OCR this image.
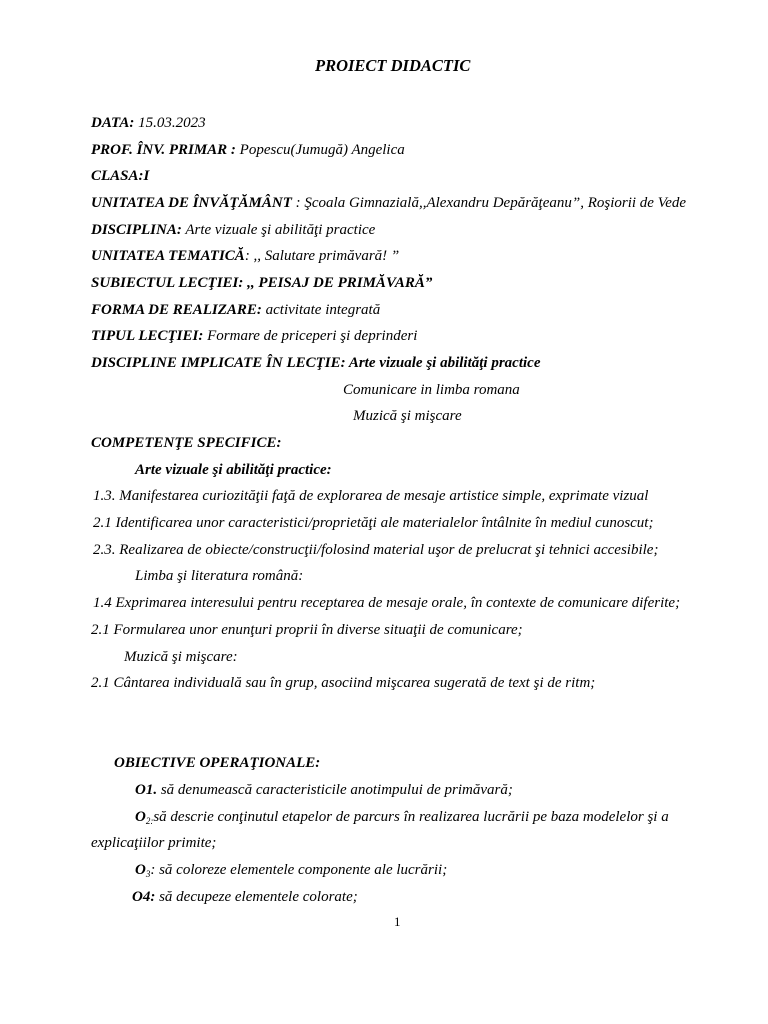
PROIECT DIDACTIC
DATA: 15.03.2023
PROF. ÎNV. PRIMAR : Popescu(Jumugă) Angelica
CLASA:I
UNITATEA DE ÎNVĂŢĂMÂNT : Şcoala Gimnazială,,Alexandru Depărăţeanu”, Roşiorii de Vede
DISCIPLINA: Arte vizuale şi abilităţi practice
UNITATEA TEMATICĂ: ,, Salutare primăvară! ”
SUBIECTUL LECŢIEI: ,, PEISAJ DE PRIMĂVARĂ”
FORMA DE REALIZARE: activitate integrată
TIPUL LECŢIEI: Formare de priceperi şi deprinderi
DISCIPLINE IMPLICATE ÎN LECŢIE: Arte vizuale şi abilităţi practice
Comunicare in limba romana
Muzică şi mişcare
COMPETENŢE SPECIFICE:
Arte vizuale şi abilităţi practice:
1.3. Manifestarea curiozităţii faţă de explorarea de mesaje artistice simple, exprimate vizual
2.1 Identificarea unor caracteristici/proprietăţi ale materialelor întâlnite în mediul cunoscut;
2.3. Realizarea de obiecte/construcţii/folosind material uşor de prelucrat şi tehnici accesibile;
Limba şi literatura română:
1.4 Exprimarea interesului pentru receptarea de mesaje orale, în contexte de comunicare diferite;
2.1 Formularea unor enunţuri proprii în diverse situaţii de comunicare;
Muzică şi mişcare:
2.1 Cântarea individuală sau în grup, asociind mişcarea sugerată de text şi de ritm;
OBIECTIVE OPERAŢIONALE:
O1. să denumească caracteristicile anotimpului de primăvară;
$O_{2:}să$ descrie conţinutul etapelor de parcurs în realizarea lucrării pe baza modelelor şi a
explicaţiilor primite;
$O_3$: să coloreze elementele componente ale lucrării;
O4: să decupeze elementele colorate;
1
